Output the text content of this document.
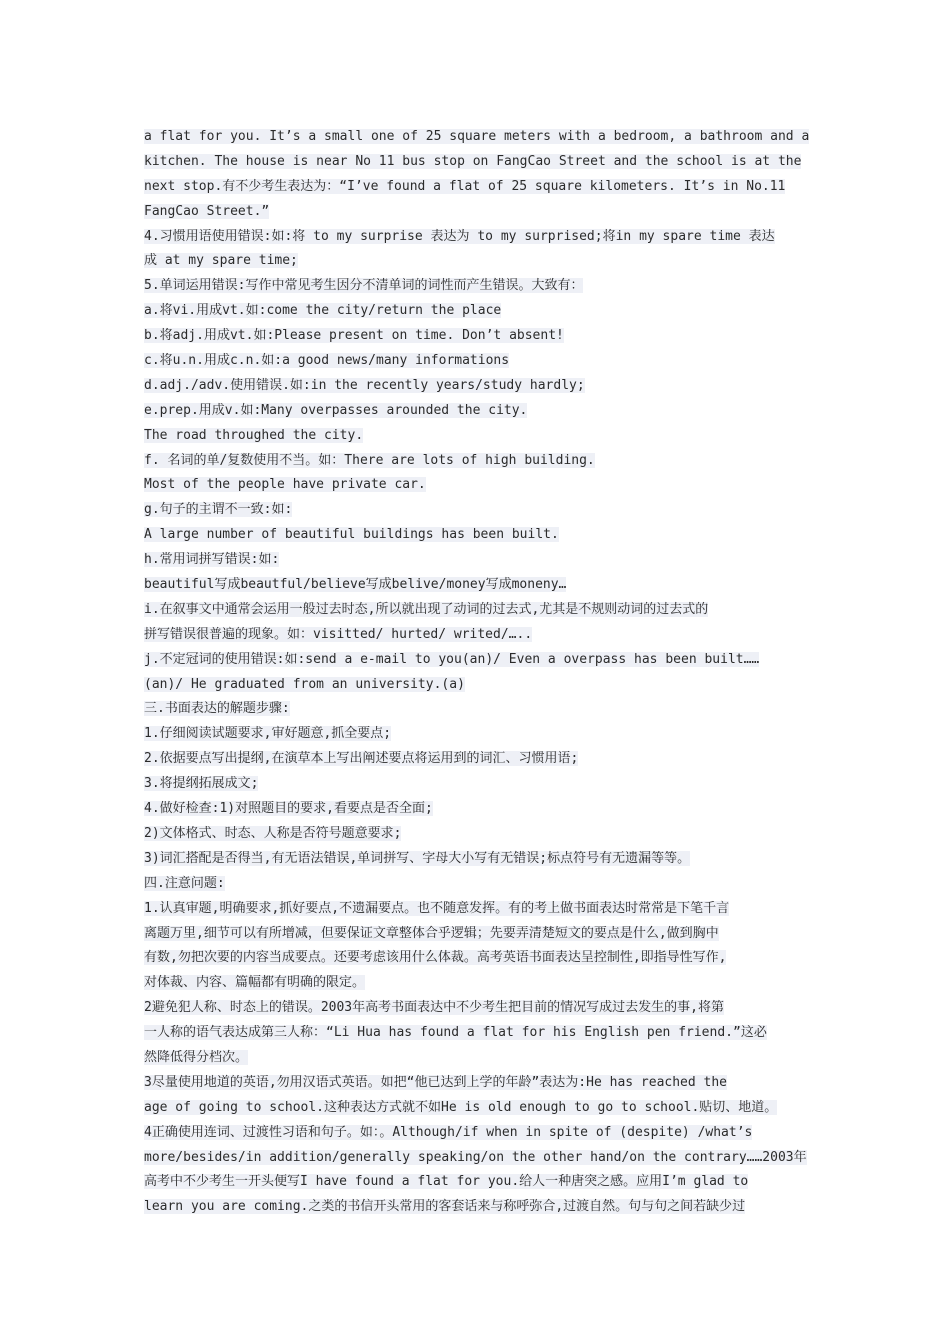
a flat for you. It’s a small one of 25 square meters with a bedroom, a bathroom and a
kitchen. The house is near No 11 bus stop on FangCao Street and the school is at the
next stop.有不少考生表达为：“I’ve found a flat of 25 square kilometers. It’s in No.11
FangCao Street.”
4.习惯用语使用错误:如:将 to my surprise 表达为 to my surprised;将in my spare time 表达
成 at my spare time;
5.单词运用错误:写作中常见考生因分不清单词的词性而产生错误。大致有：
a.将vi.用成vt.如:come the city/return the place
b.将adj.用成vt.如:Please present on time. Don’t absent!
c.将u.n.用成c.n.如:a good news/many informations
d.adj./adv.使用错误.如:in the recently years/study hardly;
e.prep.用成v.如:Many overpasses arounded the city.
The road throughed the city.
f. 名词的单/复数使用不当。如：There are lots of high building.
Most of the people have private car.
g.句子的主谓不一致:如:
A large number of beautiful buildings has been built.
h.常用词拼写错误:如:
beautiful写成beautful/believe写成belive/money写成moneny…
i.在叙事文中通常会运用一般过去时态,所以就出现了动词的过去式,尤其是不规则动词的过去式的
拼写错误很普遍的现象。如：visitted/ hurted/ writed/…..
j.不定冠词的使用错误:如:send a e-mail to you(an)/ Even a overpass has been built……
(an)/ He graduated from an university.(a)
三.书面表达的解题步骤:
1.仔细阅读试题要求,审好题意,抓全要点;
2.依据要点写出提纲,在演草本上写出阐述要点将运用到的词汇、习惯用语;
3.将提纲拓展成文;
4.做好检查:1)对照题目的要求,看要点是否全面;
2)文体格式、时态、人称是否符号题意要求;
3)词汇搭配是否得当,有无语法错误,单词拼写、字母大小写有无错误;标点符号有无遗漏等等。
四.注意问题:
1.认真审题,明确要求,抓好要点,不遗漏要点。也不随意发挥。有的考上做书面表达时常常是下笔千言
离题万里,细节可以有所增减，但要保证文章整体合乎逻辑；先要弄清楚短文的要点是什么,做到胸中
有数,勿把次要的内容当成要点。还要考虑该用什么体裁。高考英语书面表达呈控制性,即指导性写作,
对体裁、内容、篇幅都有明确的限定。
2避免犯人称、时态上的错误。2003年高考书面表达中不少考生把目前的情况写成过去发生的事,将第
一人称的语气表达成第三人称：“Li Hua has found a flat for his English pen friend.”这必
然降低得分档次。
3尽量使用地道的英语,勿用汉语式英语。如把“他已达到上学的年龄”表达为:He has reached the
age of going to school.这种表达方式就不如He is old enough to go to school.贴切、地道。
4正确使用连词、过渡性习语和句子。如：。Although/if when in spite of (despite) /what’s
more/besides/in addition/generally speaking/on the other hand/on the contrary……2003年
高考中不少考生一开头便写I have found a flat for you.给人一种唐突之感。应用I’m glad to
learn you are coming.之类的书信开头常用的客套话来与称呼弥合,过渡自然。句与句之间若缺少过
